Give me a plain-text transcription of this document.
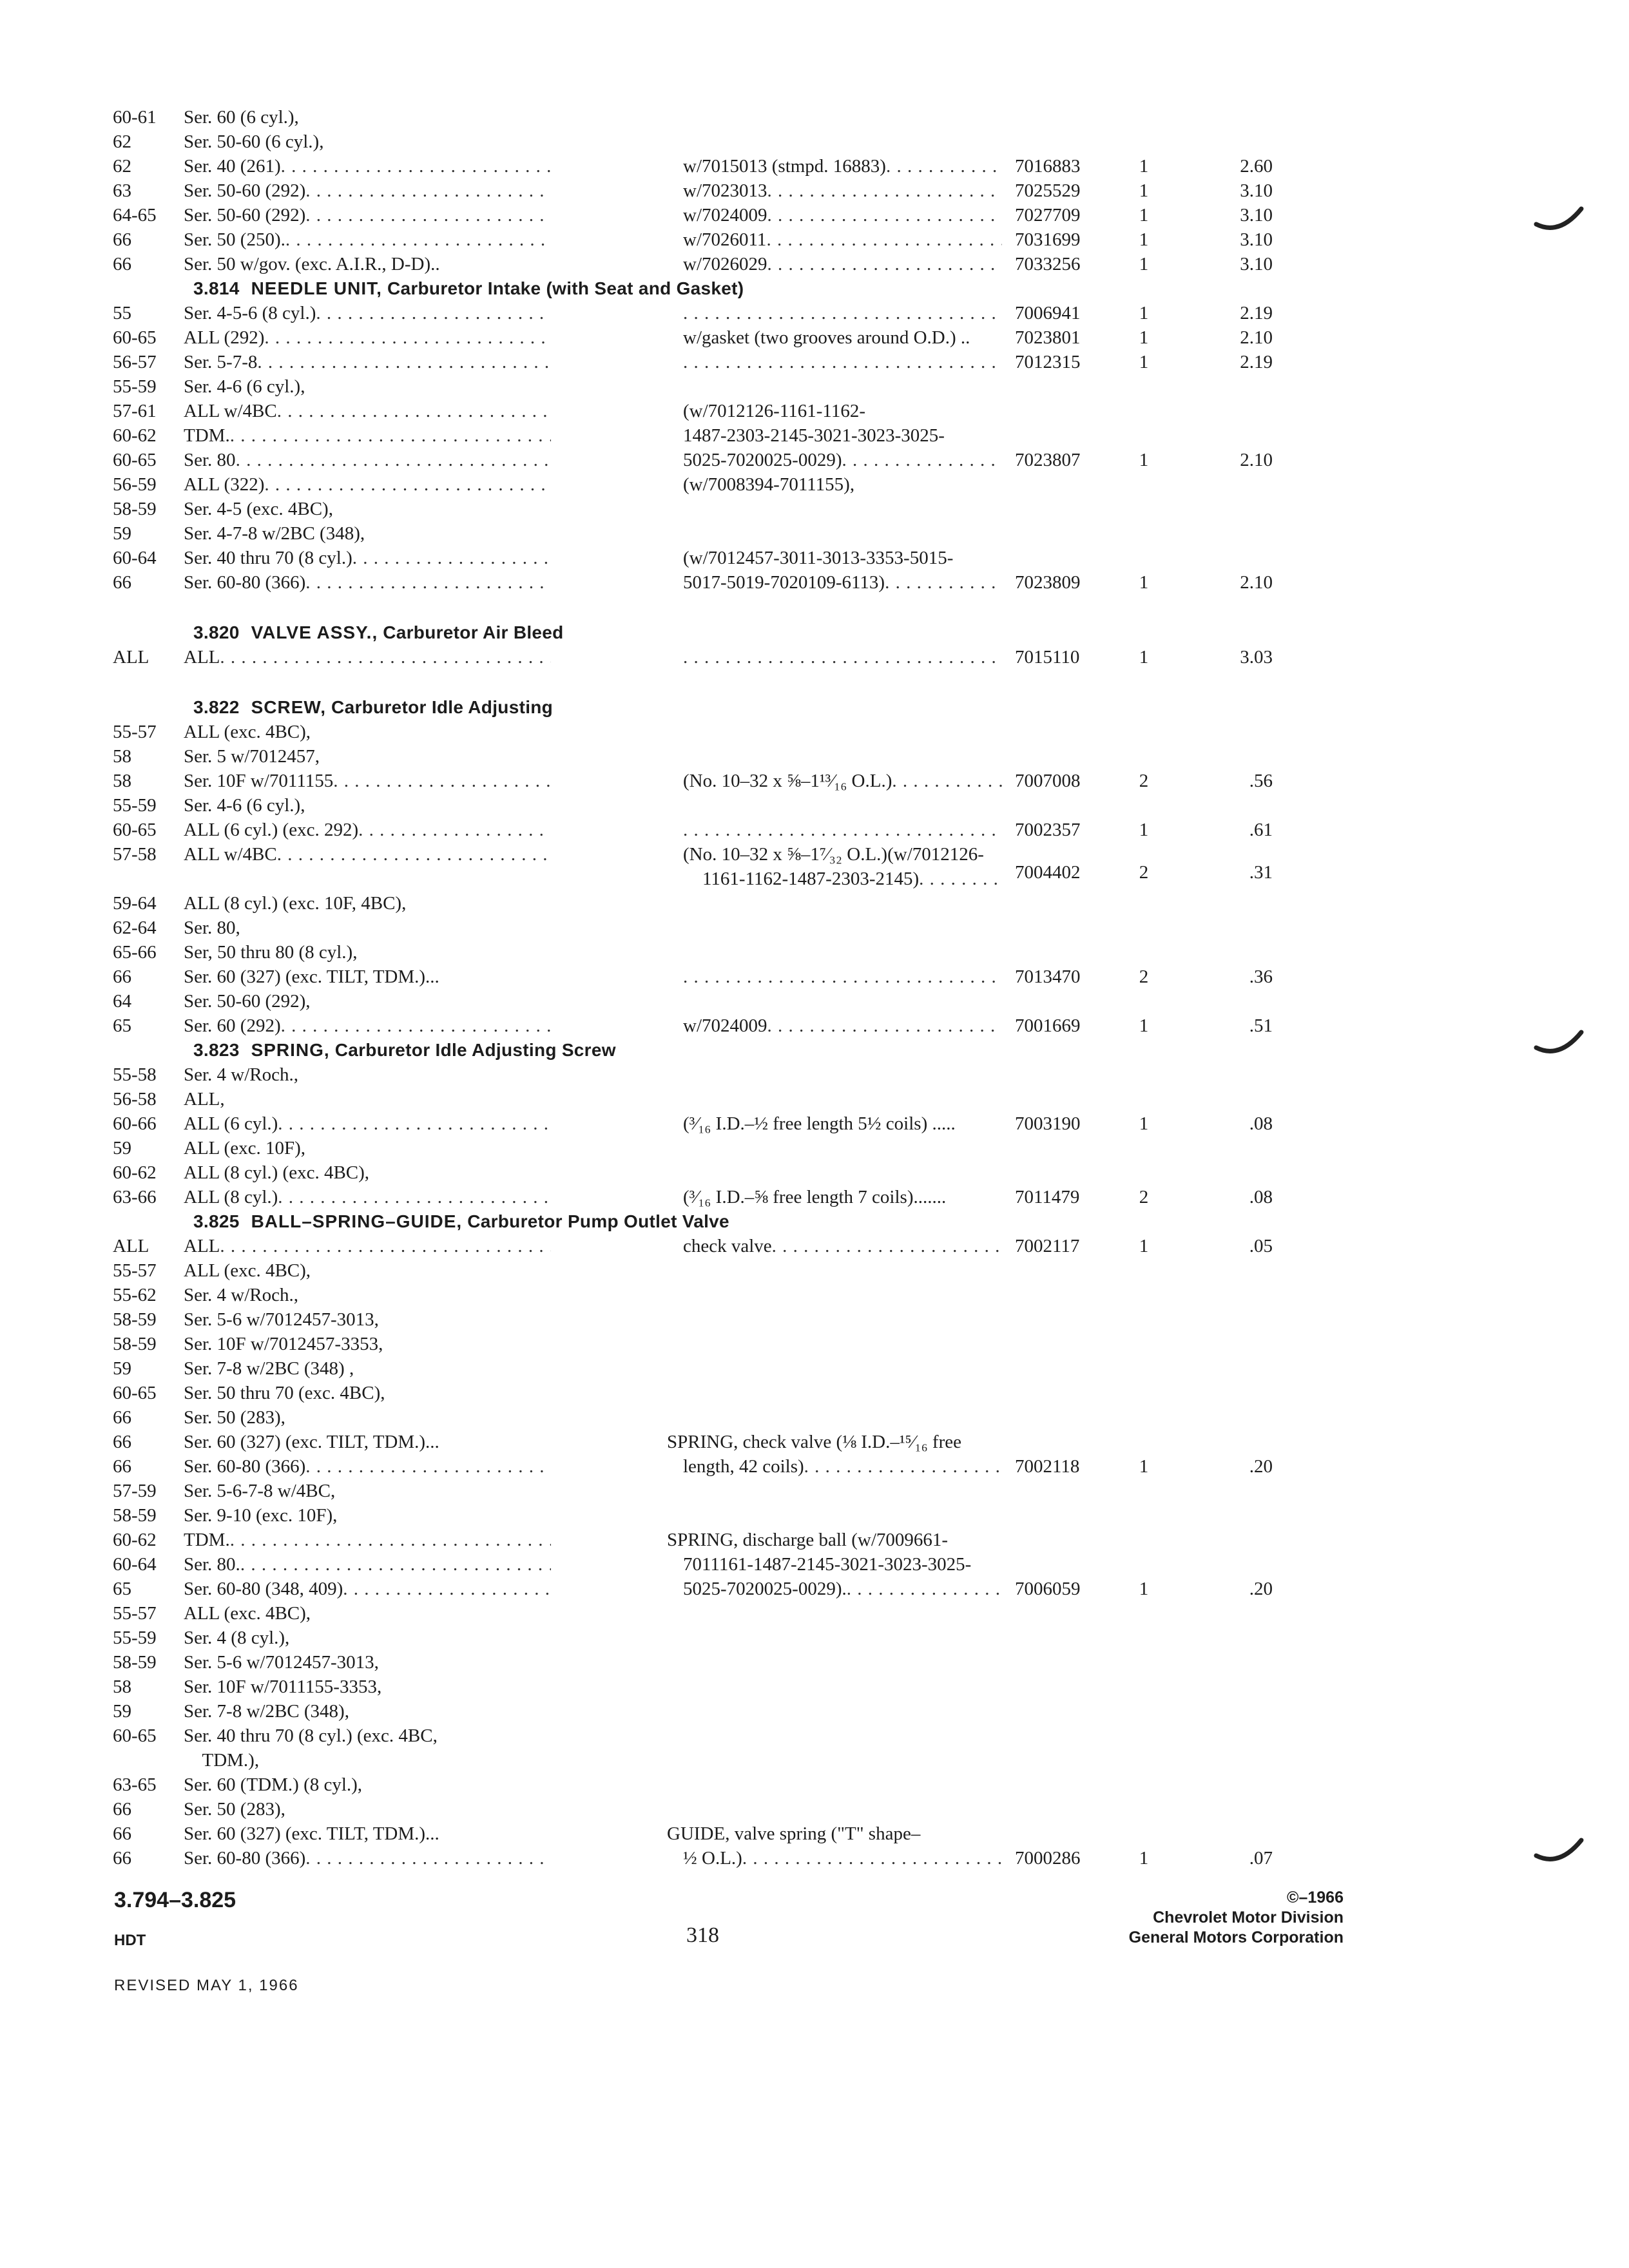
60-61	Ser. 60 (6 cyl.),
62	Ser. 50-60 (6 cyl.),
62	Ser. 40 (261) . . .	w/7015013 (stmpd. 16883) . . .	7016883	1	2.60
63	Ser. 50-60 (292) . . .	w/7023013 . . .	7025529	1	3.10
64-65	Ser. 50-60 (292) . . .	w/7024009 . . .	7027709	1	3.10
66	Ser. 50 (250). . . .	w/7026011 . . .	7031699	1	3.10
66	Ser. 50 w/gov. (exc. A.I.R., D-D)..	w/7026029 . . .	7033256	1	3.10
3.814 NEEDLE UNIT, Carburetor Intake (with Seat and Gasket)
55	Ser. 4-5-6 (8 cyl.) . . . . . .	7006941	1	2.19
60-65	ALL (292) . . .	w/gasket (two grooves around O.D.) ..	7023801	1	2.10
56-57	Ser. 5-7-8 . . . . . .	7012315	1	2.19
55-59	Ser. 4-6 (6 cyl.),
57-61	ALL w/4BC . . .	(w/7012126-1161-1162-
60-62	TDM. . . .	1487-2303-2145-3021-3023-3025-
60-65	Ser. 80 . . .	5025-7020025-0029) . . .	7023807	1	2.10
56-59	ALL (322) . . .	(w/7008394-7011155),
58-59	Ser. 4-5 (exc. 4BC),
59	Ser. 4-7-8 w/2BC (348),
60-64	Ser. 40 thru 70 (8 cyl.) . . .	(w/7012457-3011-3013-3353-5015-
66	Ser. 60-80 (366) . . .	5017-5019-7020109-6113) . . .	7023809	1	2.10
3.820 VALVE ASSY., Carburetor Air Bleed
ALL	ALL . . . . . .	7015110	1	3.03
3.822 SCREW, Carburetor Idle Adjusting
55-57	ALL (exc. 4BC),
58	Ser. 5 w/7012457,
58	Ser. 10F w/7011155 . . .	(No. 10–32 x ⅝–1¹³⁄₁₆ O.L.) . . .	7007008	2	.56
55-59	Ser. 4-6 (6 cyl.),
60-65	ALL (6 cyl.) (exc. 292) . . . . . .	7002357	1	.61
57-58	ALL w/4BC . . .	(No. 10–32 x ⅝–1⁷⁄₃₂ O.L.)(w/7012126-
1161-1162-1487-2303-2145) . . .	7004402	2	.31
59-64	ALL (8 cyl.) (exc. 10F, 4BC),
62-64	Ser. 80,
65-66	Ser, 50 thru 80 (8 cyl.),
66	Ser. 60 (327) (exc. TILT, TDM.)... . . .	7013470	2	.36
64	Ser. 50-60 (292),
65	Ser. 60 (292) . . .	w/7024009 . . .	7001669	1	.51
3.823 SPRING, Carburetor Idle Adjusting Screw
55-58	Ser. 4 w/Roch.,
56-58	ALL,
60-66	ALL (6 cyl.) . . .	(³⁄₁₆ I.D.–½ free length 5½ coils) .....	7003190	1	.08
59	ALL (exc. 10F),
60-62	ALL (8 cyl.) (exc. 4BC),
63-66	ALL (8 cyl.) . . .	(³⁄₁₆ I.D.–⅝ free length 7 coils).......	7011479	2	.08
3.825 BALL–SPRING–GUIDE, Carburetor Pump Outlet Valve
ALL	ALL . . .	check valve . . .	7002117	1	.05
55-57	ALL (exc. 4BC),
55-62	Ser. 4 w/Roch.,
58-59	Ser. 5-6 w/7012457-3013,
58-59	Ser. 10F w/7012457-3353,
59	Ser. 7-8 w/2BC (348) ,
60-65	Ser. 50 thru 70 (exc. 4BC),
66	Ser. 50 (283),
66	Ser. 60 (327) (exc. TILT, TDM.)...	SPRING, check valve (⅛ I.D.–¹⁵⁄₁₆ free
66	Ser. 60-80 (366) . . .	length, 42 coils) . . .	7002118	1	.20
57-59	Ser. 5-6-7-8 w/4BC,
58-59	Ser. 9-10 (exc. 10F),
60-62	TDM. . . .	SPRING, discharge ball (w/7009661-
60-64	Ser. 80. . . .	7011161-1487-2145-3021-3023-3025-
65	Ser. 60-80 (348, 409) . . .	5025-7020025-0029). . . .	7006059	1	.20
55-57	ALL (exc. 4BC),
55-59	Ser. 4 (8 cyl.),
58-59	Ser. 5-6 w/7012457-3013,
58	Ser. 10F w/7011155-3353,
59	Ser. 7-8 w/2BC (348),
60-65	Ser. 40 thru 70 (8 cyl.) (exc. 4BC,
TDM.),
63-65	Ser. 60 (TDM.) (8 cyl.),
66	Ser. 50 (283),
66	Ser. 60 (327) (exc. TILT, TDM.)...	GUIDE, valve spring ("T" shape–
66	Ser. 60-80 (366) . . .	½ O.L.) . . .	7000286	1	.07
3.794–3.825
HDT
REVISED MAY 1, 1966
318
©–1966
Chevrolet Motor Division
General Motors Corporation
